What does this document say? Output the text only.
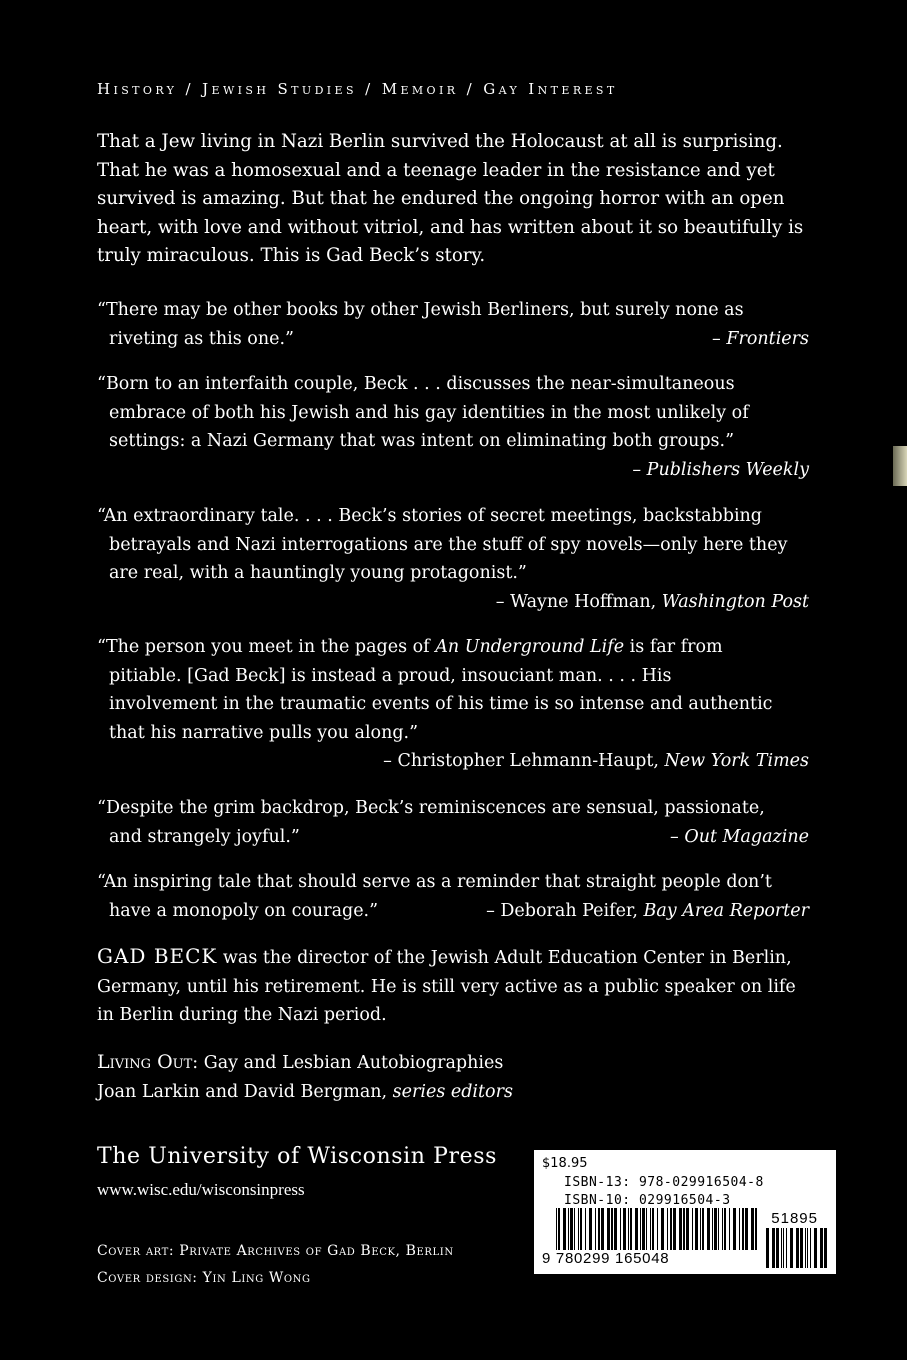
History / Jewish Studies / Memoir / Gay Interest
That a Jew living in Nazi Berlin survived the Holocaust at all is surprising. That he was a homosexual and a teenage leader in the resistance and yet survived is amazing. But that he endured the ongoing horror with an open heart, with love and without vitriol, and has written about it so beautifully is truly miraculous. This is Gad Beck’s story.
“There may be other books by other Jewish Berliners, but surely none as
riveting as this one.”	– Frontiers
“Born to an interfaith couple, Beck . . . discusses the near-simultaneous
embrace of both his Jewish and his gay identities in the most unlikely of
settings: a Nazi Germany that was intent on eliminating both groups.”
– Publishers Weekly
“An extraordinary tale. . . . Beck’s stories of secret meetings, backstabbing
betrayals and Nazi interrogations are the stuff of spy novels—only here they
are real, with a hauntingly young protagonist.”
– Wayne Hoffman, Washington Post
“The person you meet in the pages of An Underground Life is far from
pitiable. [Gad Beck] is instead a proud, insouciant man. . . . His
involvement in the traumatic events of his time is so intense and authentic
that his narrative pulls you along.”
– Christopher Lehmann-Haupt, New York Times
“Despite the grim backdrop, Beck’s reminiscences are sensual, passionate,
and strangely joyful.”	– Out Magazine
“An inspiring tale that should serve as a reminder that straight people don’t
have a monopoly on courage.”	– Deborah Peifer, Bay Area Reporter
GAD BECK was the director of the Jewish Adult Education Center in Berlin, Germany, until his retirement. He is still very active as a public speaker on life in Berlin during the Nazi period.
Living Out: Gay and Lesbian Autobiographies
Joan Larkin and David Bergman, series editors
The University of Wisconsin Press
www.wisc.edu/wisconsinpress
Cover art: Private Archives of Gad Beck, Berlin
Cover design: Yin Ling Wong
$18.95
ISBN-13: 978-029916504-8
ISBN-10: 029916504-3
51895
9 780299 165048
